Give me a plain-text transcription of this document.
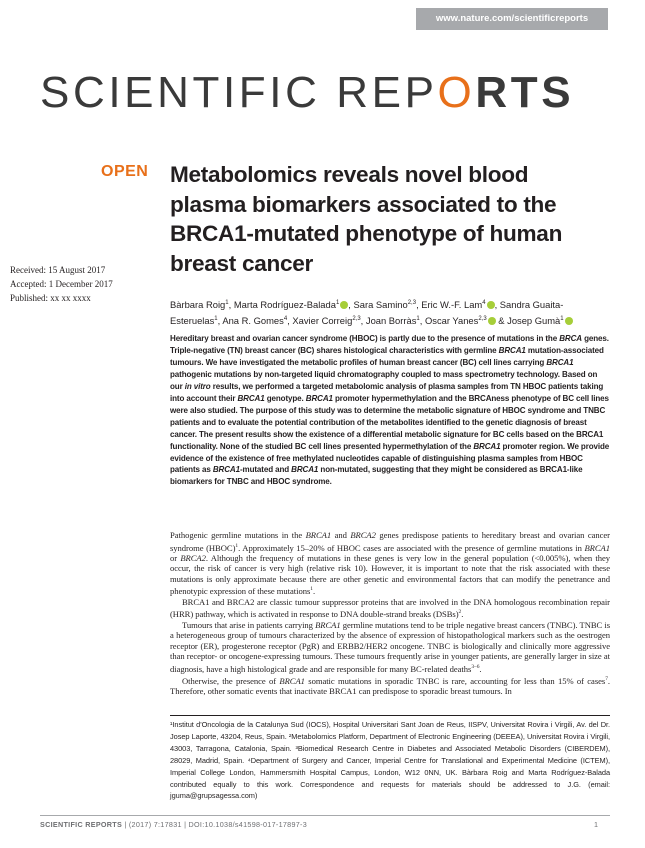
www.nature.com/scientificreports
SCIENTIFIC REPORTS
OPEN Metabolomics reveals novel blood plasma biomarkers associated to the BRCA1-mutated phenotype of human breast cancer
Received: 15 August 2017
Accepted: 1 December 2017
Published: xx xx xxxx
Bàrbara Roig$^1$, Marta Rodríguez-Balada$^1$ , Sara Samino$^{2,3}$, Eric W.-F. Lam$^4$ , Sandra Guaita-Esteruelas$^1$, Ana R. Gomes$^4$, Xavier Correig$^{2,3}$, Joan Borràs$^1$, Oscar Yanes$^{2,3}$ & Josep Gumà$^1$
Hereditary breast and ovarian cancer syndrome (HBOC) is partly due to the presence of mutations in the BRCA genes. Triple-negative (TN) breast cancer (BC) shares histological characteristics with germline BRCA1 mutation-associated tumours. We have investigated the metabolic profiles of human breast cancer (BC) cell lines carrying BRCA1 pathogenic mutations by non-targeted liquid chromatography coupled to mass spectrometry technology. Based on our in vitro results, we performed a targeted metabolomic analysis of plasma samples from TN HBOC patients taking into account their BRCA1 genotype. BRCA1 promoter hypermethylation and the BRCAness phenotype of BC cell lines were also studied. The purpose of this study was to determine the metabolic signature of HBOC syndrome and TNBC patients and to evaluate the potential contribution of the metabolites identified to the genetic diagnosis of breast cancer. The present results show the existence of a differential metabolic signature for BC cells based on the BRCA1 functionality. None of the studied BC cell lines presented hypermethylation of the BRCA1 promoter region. We provide evidence of the existence of free methylated nucleotides capable of distinguishing plasma samples from HBOC patients as BRCA1-mutated and BRCA1 non-mutated, suggesting that they might be considered as BRCA1-like biomarkers for TNBC and HBOC syndrome.

Pathogenic germline mutations in the BRCA1 and BRCA2 genes predispose patients to hereditary breast and ovarian cancer syndrome (HBOC)$^1$. Approximately 15–20% of HBOC cases are associated with the presence of germline mutations in BRCA1 or BRCA2. Although the frequency of mutations in these genes is very low in the general population (<0.005%), when they occur, the risk of cancer is very high (relative risk 10). However, it is important to note that the risk associated with these mutations is only approximate because there are other genetic and environmental factors that can modify the penetrance and phenotypic expression of these mutations$^1$.

BRCA1 and BRCA2 are classic tumour suppressor proteins that are involved in the DNA homologous recombination repair (HRR) pathway, which is activated in response to DNA double-strand breaks (DSBs)$^2$.

Tumours that arise in patients carrying BRCA1 germline mutations tend to be triple negative breast cancers (TNBC). TNBC is a heterogeneous group of tumours characterized by the absence of expression of histopathological markers such as the oestrogen receptor (ER), progesterone receptor (PgR) and ERBB2/HER2 oncogene. TNBC is biologically and clinically more aggressive than receptor- or oncogene-expressing tumours. These tumours frequently arise in younger patients, are generally larger in size at diagnosis, have a high histological grade and are responsible for many BC-related deaths$^{3-6}$.

Otherwise, the presence of BRCA1 somatic mutations in sporadic TNBC is rare, accounting for less than 15% of cases$^7$. Therefore, other somatic events that inactivate BRCA1 can predispose to sporadic breast tumours. In

¹Institut d'Oncologia de la Catalunya Sud (IOCS), Hospital Universitari Sant Joan de Reus, IISPV, Universitat Rovira i Virgili, Av. del Dr. Josep Laporte, 43204, Reus, Spain. ²Metabolomics Platform, Department of Electronic Engineering (DEEEA), Universitat Rovira i Virgili, 43003, Tarragona, Catalonia, Spain. ³Biomedical Research Centre in Diabetes and Associated Metabolic Disorders (CIBERDEM), 28029, Madrid, Spain. ⁴Department of Surgery and Cancer, Imperial Centre for Translational and Experimental Medicine (ICTEM), Imperial College London, Hammersmith Hospital Campus, London, W12 0NN, UK. Bàrbara Roig and Marta Rodríguez-Balada contributed equally to this work. Correspondence and requests for materials should be addressed to J.G. (email: jguma@grupsagessa.com)
SCIENTIFIC REPORTS | (2017) 7:17831 | DOI:10.1038/s41598-017-17897-3	1
